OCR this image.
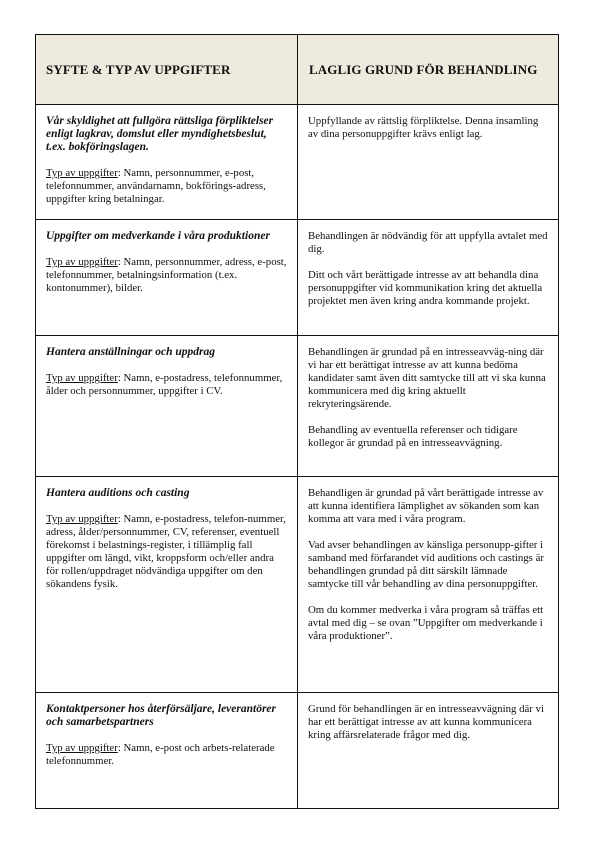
SYFTE & TYP AV UPPGIFTER	LAGLIG GRUND FÖR BEHANDLING

Vår skyldighet att fullgöra rättsliga förpliktelser enligt lagkrav, domslut eller myndighetsbeslut, t.ex. bokföringslagen.

Typ av uppgifter: Namn, personnummer, e-post, telefonnummer, användarnamn, bokförings-adress, uppgifter kring betalningar.

Uppfyllande av rättslig förpliktelse. Denna insamling av dina personuppgifter krävs enligt lag.

Uppgifter om medverkande i våra produktioner

Typ av uppgifter: Namn, personnummer, adress, e-post, telefonnummer, betalningsinformation (t.ex. kontonummer), bilder.

Behandlingen är nödvändig för att uppfylla avtalet med dig.

Ditt och vårt berättigade intresse av att behandla dina personuppgifter vid kommunikation kring det aktuella projektet men även kring andra kommande projekt.

Hantera anställningar och uppdrag

Typ av uppgifter: Namn, e-postadress, telefonnummer, ålder och personnummer, uppgifter i CV.

Behandlingen är grundad på en intresseavväg-ning där vi har ett berättigat intresse av att kunna bedöma kandidater samt även ditt samtycke till att vi ska kunna kommunicera med dig kring aktuellt rekryteringsärende.

Behandling av eventuella referenser och tidigare kollegor är grundad på en intresseavvägning.

Hantera auditions och casting

Typ av uppgifter: Namn, e-postadress, telefon-nummer, adress, ålder/personnummer, CV, referenser, eventuell förekomst i belastnings-register, i tillämplig fall uppgifter om längd, vikt, kroppsform och/eller andra för rollen/uppdraget nödvändiga uppgifter om den sökandens fysik.

Behandligen är grundad på vårt berättigade intresse av att kunna identifiera lämplighet av sökanden som kan komma att vara med i våra program.

Vad avser behandlingen av känsliga personupp-gifter i samband med förfarandet vid auditions och castings är behandlingen grundad på ditt särskilt lämnade samtycke till vår behandling av dina personuppgifter.

Om du kommer medverka i våra program så träffas ett avtal med dig – se ovan ”Uppgifter om medverkande i våra produktioner”.

Kontaktpersoner hos återförsäljare, leverantörer och samarbetspartners

Typ av uppgifter: Namn, e-post och arbets-relaterade telefonnummer.

Grund för behandlingen är en intresseavvägning där vi har ett berättigat intresse av att kunna kommunicera kring affärsrelaterade frågor med dig.
